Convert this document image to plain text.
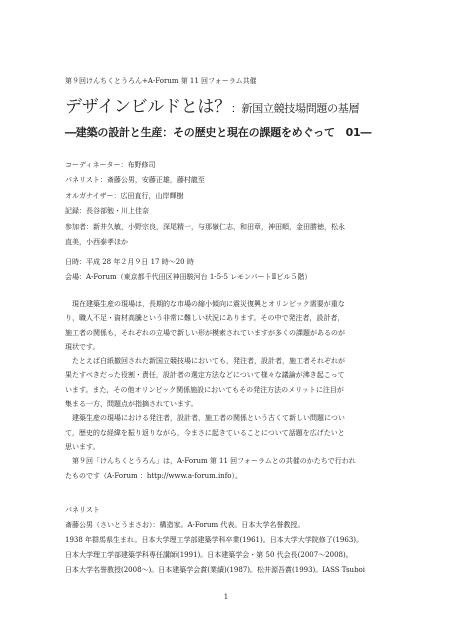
第９回けんちくとうろん+A-Forum 第 11 回フォーラム共催
デザインビルドとは？：新国立競技場問題の基層
―建築の設計と生産：その歴史と現在の課題をめぐって　01―
コーディネーター：布野修司
パネリスト：斎藤公男，安藤正雄，藤村龍至
オルガナイザー：広田直行，山岸輝樹
記録：長谷部勉・川上佳奈
参加者：新井久敏，小野宗良，深尾精一，与那嶺仁志，和田章，神田順，金田勝徳，松永
直美，小西泰孝ほか
日時：平成 28 年２月９日 17 時～20 時
会場：A-Forum（東京都千代田区神田駿河台 1-5-5 レモンパートⅡビル５階）

　現在建築生産の現場は，長期的な市場の縮小傾向に震災復興とオリンピック需要が重な

り，職人不足・資材高騰という非常に難しい状況にあります。その中で発注者，設計者，

施工者の関係も，それぞれの立場で新しい形が模索されていますが多くの課題があるのが

現状です。

　たとえば白紙撤回された新国立競技場においても，発注者，設計者，施工者それぞれが

果たすべきだった役割・責任，設計者の選定方法などについて様々な議論が沸き起こって

います。また，その他オリンピック関係施設においてもその発注方法のメリットに注目が

集まる一方，問題点が指摘されています。

　建築生産の現場における発注者，設計者，施工者の関係という古くて新しい問題につい

て，歴史的な経緯を振り返りながら，今まさに起きていることについて話題を広げたいと

思います。

　第９回「けんちくとうろん」は，A-Forum 第 11 回フォーラムとの共催のかたちで行われ

たものです（A-Forum ：http://www.a-forum.info）。

パネリスト
斎藤公男（さいとうまさお）：構造家。A-Forum 代表。日本大学名誉教授。
1938 年群馬県生まれ。日本大学理工学部建築学科卒業(1961)。日本大学大学院修了(1963)。
日本大学理工学部建築学科専任講師(1991)。日本建築学会・第 50 代会長(2007～2008)。
日本大学名誉教授(2008～)。日本建築学会賞(業績)(1987)。松井源吾賞(1993)。IASS Tsuboi
1
